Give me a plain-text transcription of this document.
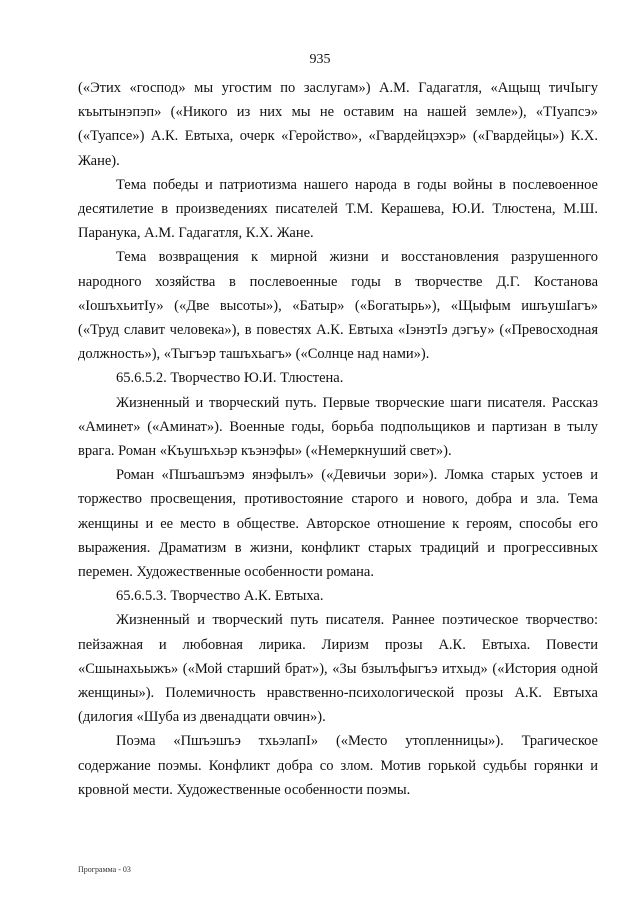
935

(«Этих «господ» мы угостим по заслугам») А.М. Гадагатля, «Ащыщ тичIыгу къытынэпэп» («Никого из них мы не оставим на нашей земле»), «ТIуапсэ» («Туапсе») А.К. Евтыха, очерк «Геройство», «Гвардейцэхэр» («Гвардейцы») К.Х. Жане).

Тема победы и патриотизма нашего народа в годы войны в послевоенное десятилетие в произведениях писателей Т.М. Керашева, Ю.И. Тлюстена, М.Ш. Паранука, А.М. Гадагатля, К.Х. Жане.

Тема возвращения к мирной жизни и восстановления разрушенного народного хозяйства в послевоенные годы в творчестве Д.Г. Костанова «IошъхьитIу» («Две высоты»), «Батыр» («Богатырь»), «Щыфым ишъушIагъ» («Труд славит человека»), в повестях А.К. Евтыха «IэнэтIэ дэгъу» («Превосходная должность»), «Тыгъэр ташъхьагъ» («Солнце над нами»).

65.6.5.2. Творчество Ю.И. Тлюстена.

Жизненный и творческий путь. Первые творческие шаги писателя. Рассказ «Аминет» («Аминат»). Военные годы, борьба подпольщиков и партизан в тылу врага. Роман «Къушъхьэр къэнэфы» («Немеркнуший свет»).

Роман «Пшъашъэмэ янэфылъ» («Девичьи зори»). Ломка старых устоев и торжество просвещения, противостояние старого и нового, добра и зла. Тема женщины и ее место в обществе. Авторское отношение к героям, способы его выражения. Драматизм в жизни, конфликт старых традиций и прогрессивных перемен. Художественные особенности романа.

65.6.5.3. Творчество А.К. Евтыха.

Жизненный и творческий путь писателя. Раннее поэтическое творчество: пейзажная и любовная лирика. Лиризм прозы А.К. Евтыха. Повести «Сшынахьыжъ» («Мой старший брат»), «Зы бзылъфыгъэ итхыд» («История одной женщины»). Полемичность нравственно-психологической прозы А.К. Евтыха (дилогия «Шуба из двенадцати овчин»).

Поэма «Пшъэшъэ тхьэлапI» («Место утопленницы»). Трагическое содержание поэмы. Конфликт добра со злом. Мотив горькой судьбы горянки и кровной мести. Художественные особенности поэмы.

Программа - 03
